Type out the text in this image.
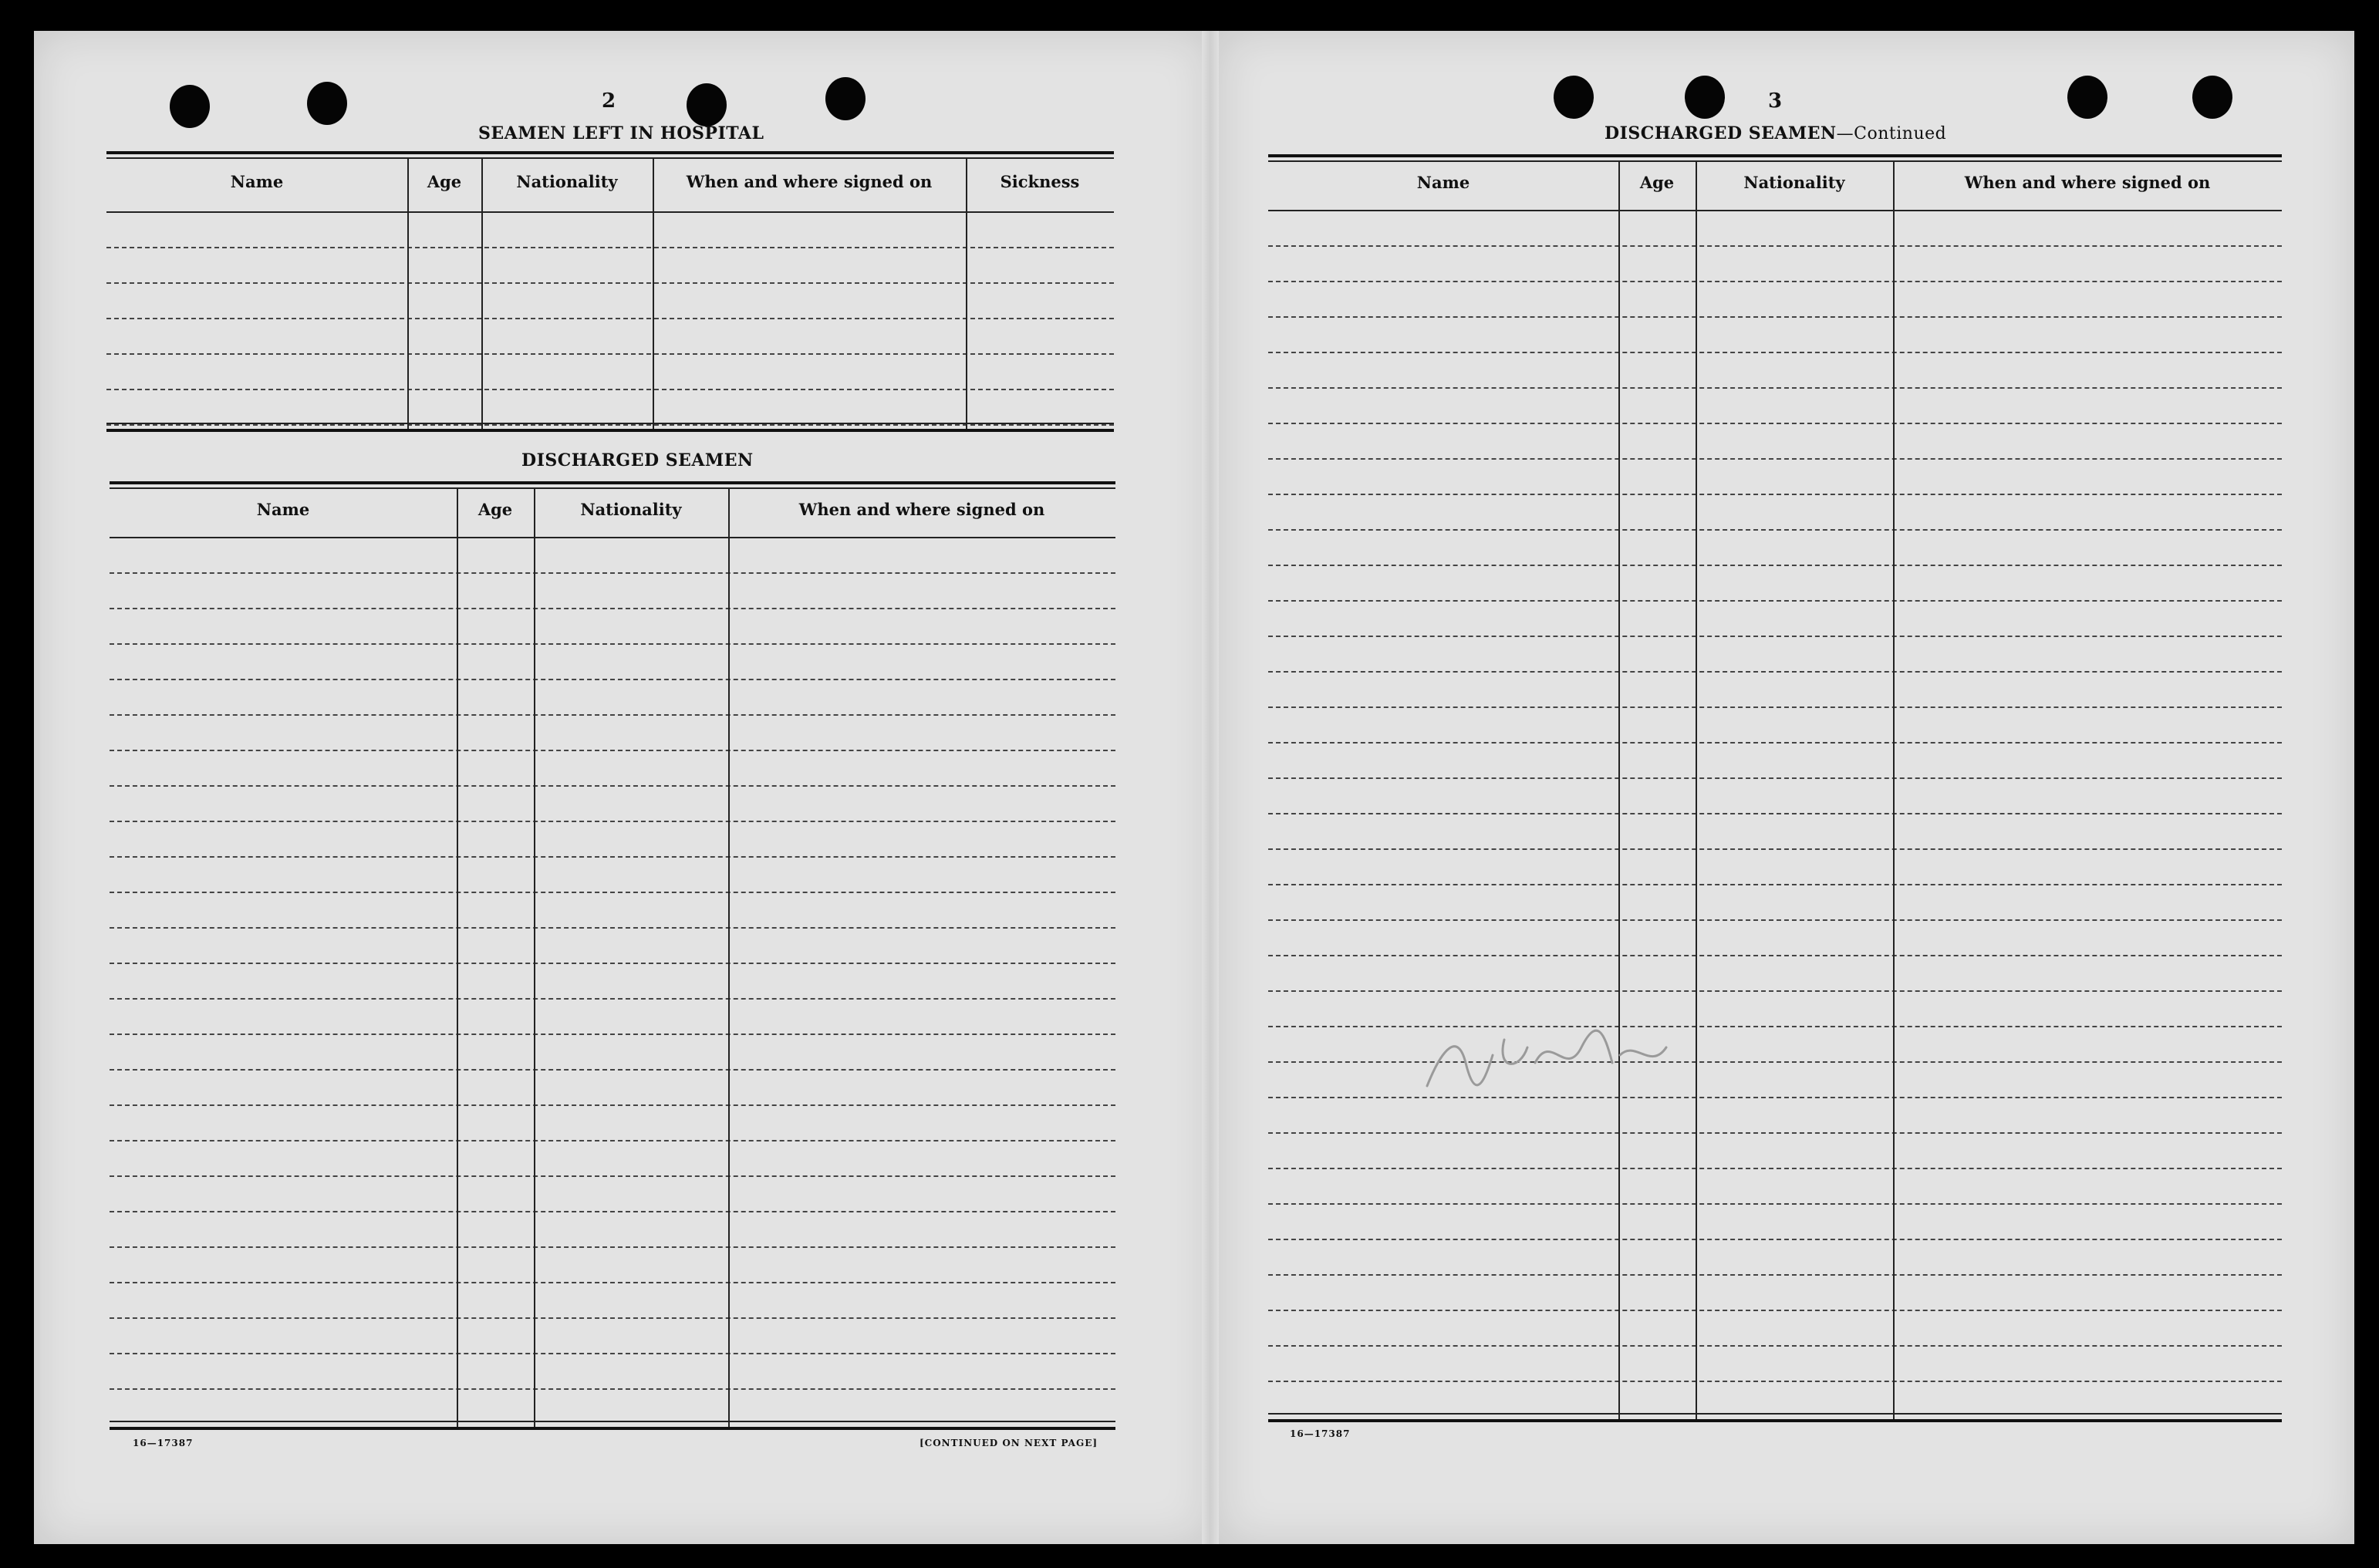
2
SEAMEN LEFT IN HOSPITAL
Name	Age	Nationality	When and where signed on	Sickness
Name	Age	Nationality	When and where signed on
DISCHARGED SEAMEN
16—17387	[CONTINUED ON NEXT PAGE]
3
DISCHARGED SEAMEN—Continued
Name	Age	Nationality	When and where signed on
16—17387
